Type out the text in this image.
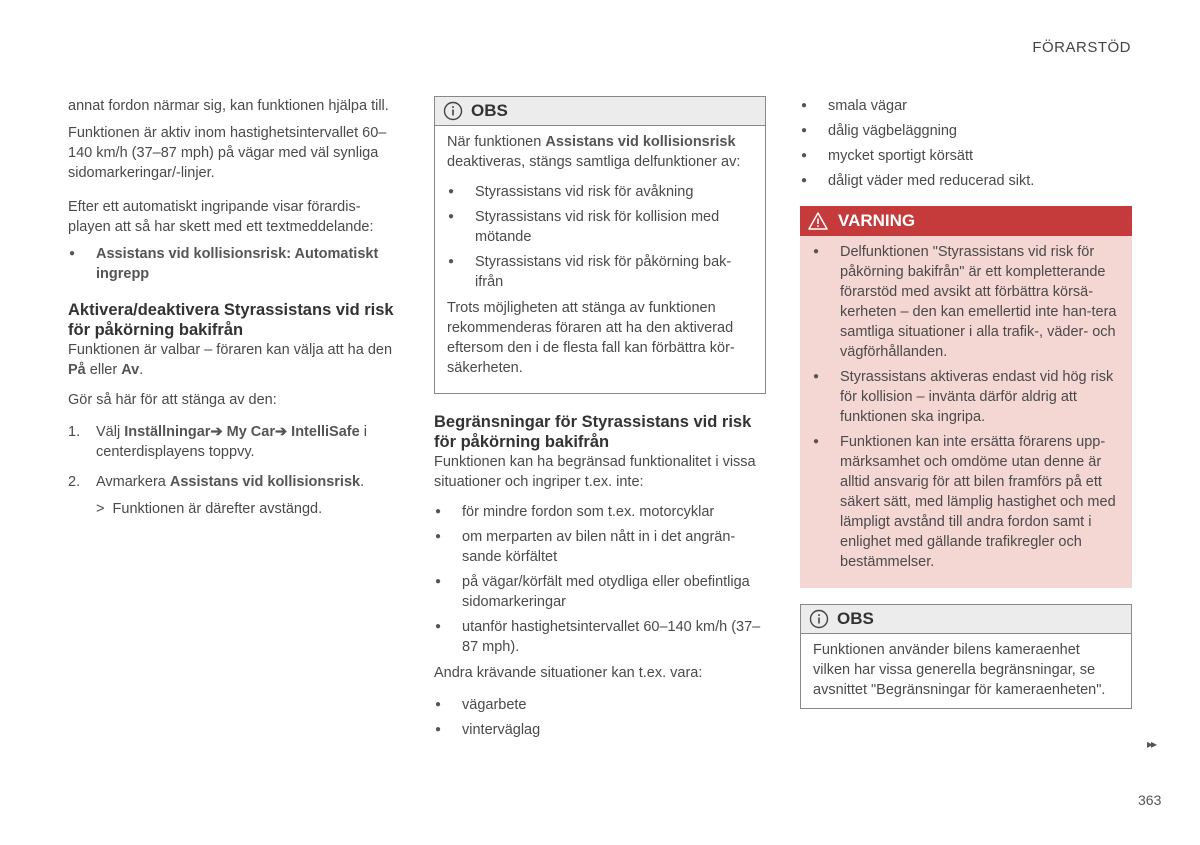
FÖRARSTÖD

annat fordon närmar sig, kan funktionen hjälpa till.

Funktionen är aktiv inom hastighetsintervallet 60–140 km/h (37–87 mph) på vägar med väl synliga sidomarkeringar/-linjer.

Efter ett automatiskt ingripande visar förardis-playen att så har skett med ett textmeddelande:

● Assistans vid kollisionsrisk: Automatiskt ingrepp
Aktivera/deaktivera Styrassistans vid risk för påkörning bakifrån

Funktionen är valbar – föraren kan välja att ha den På eller Av.

Gör så här för att stänga av den:

1. Välj Inställningar➔ My Car➔ IntelliSafe i centerdisplayens toppvy.
2. Avmarkera Assistans vid kollisionsrisk.
> Funktionen är därefter avstängd.
OBS

När funktionen Assistans vid kollisionsrisk deaktiveras, stängs samtliga delfunktioner av:

● Styrassistans vid risk för avåkning
● Styrassistans vid risk för kollision med mötande
● Styrassistans vid risk för påkörning bak-ifrån

Trots möjligheten att stänga av funktionen rekommenderas föraren att ha den aktiverad eftersom den i de flesta fall kan förbättra kör-säkerheten.

Begränsningar för Styrassistans vid risk för påkörning bakifrån

Funktionen kan ha begränsad funktionalitet i vissa situationer och ingriper t.ex. inte:

● för mindre fordon som t.ex. motorcyklar
● om merparten av bilen nått in i det angrän-sande körfältet
● på vägar/körfält med otydliga eller obefintliga sidomarkeringar
● utanför hastighetsintervallet 60–140 km/h (37–87 mph).

Andra krävande situationer kan t.ex. vara:

● vägarbete
● vinterväglag
● smala vägar
● dålig vägbeläggning
● mycket sportigt körsätt
● dåligt väder med reducerad sikt.
VARNING
● Delfunktionen "Styrassistans vid risk för påkörning bakifrån" är ett kompletterande förarstöd med avsikt att förbättra körsä-kerheten – den kan emellertid inte han-tera samtliga situationer i alla trafik-, väder- och vägförhållanden.
● Styrassistans aktiveras endast vid hög risk för kollision – invänta därför aldrig att funktionen ska ingripa.
● Funktionen kan inte ersätta förarens upp-märksamhet och omdöme utan denne är alltid ansvarig för att bilen framförs på ett säkert sätt, med lämplig hastighet och med lämpligt avstånd till andra fordon samt i enlighet med gällande trafikregler och bestämmelser.
OBS

Funktionen använder bilens kameraenhet vilken har vissa generella begränsningar, se avsnittet "Begränsningar för kameraenheten".

▸▸
363
